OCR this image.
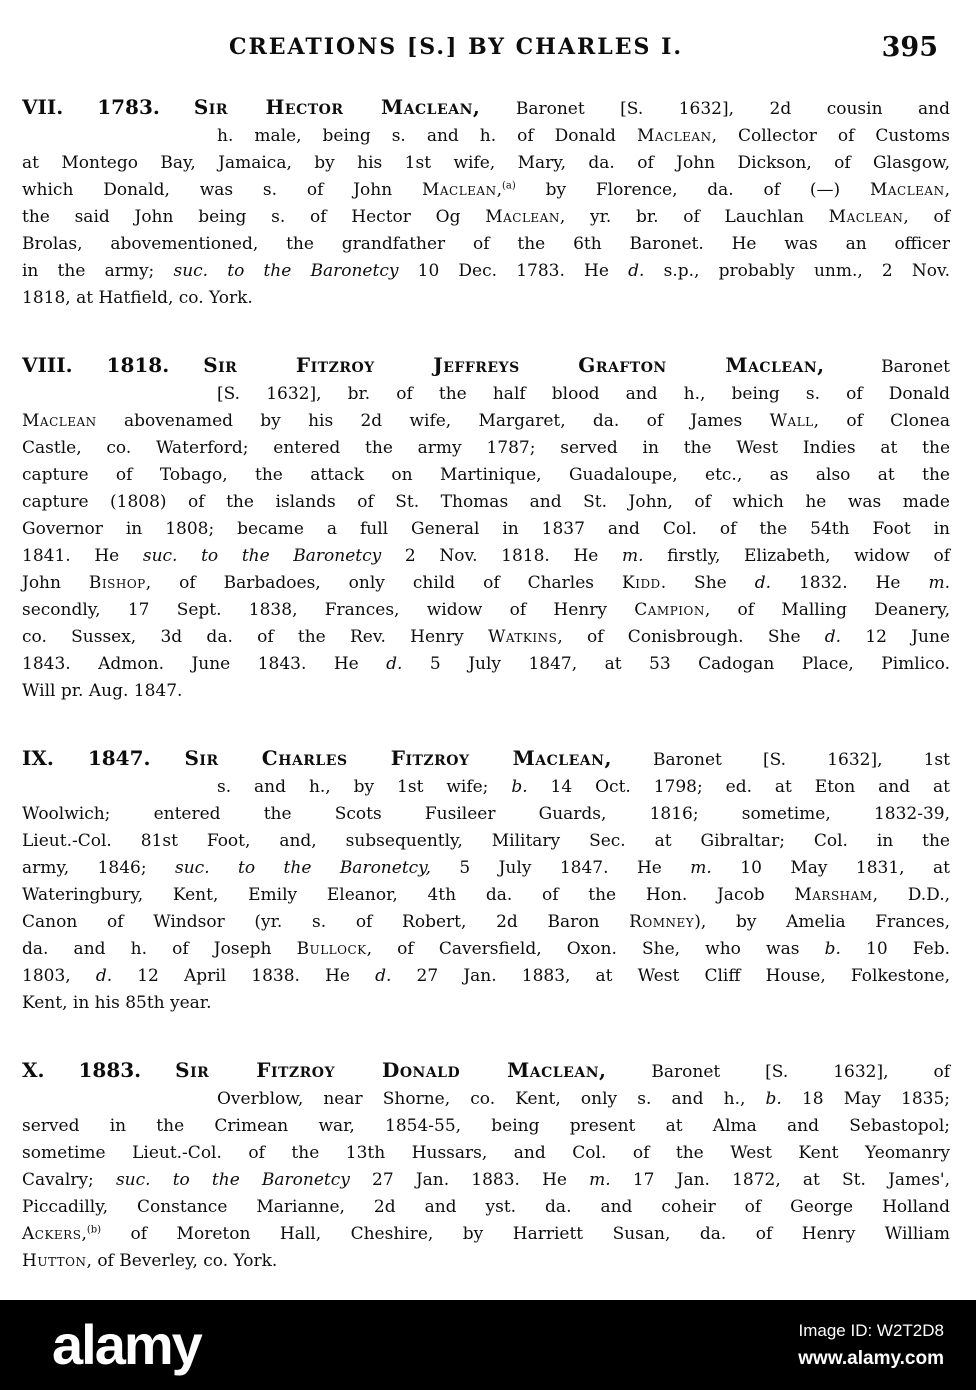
CREATIONS [S.] BY CHARLES I.	395
VII. 1783. Sir Hector Maclean, Baronet [S. 1632], 2d cousin and
h. male, being s. and h. of Donald Maclean, Collector of Customs
at Montego Bay, Jamaica, by his 1st wife, Mary, da. of John Dickson, of Glasgow,
which Donald, was s. of John Maclean,$^{(a)}$ by Florence, da. of (—) Maclean,
the said John being s. of Hector Og Maclean, yr. br. of Lauchlan Maclean, of
Brolas, abovementioned, the grandfather of the 6th Baronet. He was an officer
in the army; suc. to the Baronetcy 10 Dec. 1783. He d. s.p., probably unm., 2 Nov.
1818, at Hatfield, co. York.
VIII. 1818. Sir Fitzroy Jeffreys Grafton Maclean, Baronet
[S. 1632], br. of the half blood and h., being s. of Donald
Maclean abovenamed by his 2d wife, Margaret, da. of James Wall, of Clonea
Castle, co. Waterford; entered the army 1787; served in the West Indies at the
capture of Tobago, the attack on Martinique, Guadaloupe, etc., as also at the
capture (1808) of the islands of St. Thomas and St. John, of which he was made
Governor in 1808; became a full General in 1837 and Col. of the 54th Foot in
1841. He suc. to the Baronetcy 2 Nov. 1818. He m. firstly, Elizabeth, widow of
John Bishop, of Barbadoes, only child of Charles Kidd. She d. 1832. He m.
secondly, 17 Sept. 1838, Frances, widow of Henry Campion, of Malling Deanery,
co. Sussex, 3d da. of the Rev. Henry Watkins, of Conisbrough. She d. 12 June
1843. Admon. June 1843. He d. 5 July 1847, at 53 Cadogan Place, Pimlico.
Will pr. Aug. 1847.
IX. 1847. Sir Charles Fitzroy Maclean, Baronet [S. 1632], 1st
s. and h., by 1st wife; b. 14 Oct. 1798; ed. at Eton and at
Woolwich; entered the Scots Fusileer Guards, 1816; sometime, 1832-39,
Lieut.-Col. 81st Foot, and, subsequently, Military Sec. at Gibraltar; Col. in the
army, 1846; suc. to the Baronetcy, 5 July 1847. He m. 10 May 1831, at
Wateringbury, Kent, Emily Eleanor, 4th da. of the Hon. Jacob Marsham, D.D.,
Canon of Windsor (yr. s. of Robert, 2d Baron Romney), by Amelia Frances,
da. and h. of Joseph Bullock, of Caversfield, Oxon. She, who was b. 10 Feb.
1803, d. 12 April 1838. He d. 27 Jan. 1883, at West Cliff House, Folkestone,
Kent, in his 85th year.
X. 1883. Sir Fitzroy Donald Maclean, Baronet [S. 1632], of
Overblow, near Shorne, co. Kent, only s. and h., b. 18 May 1835;
served in the Crimean war, 1854-55, being present at Alma and Sebastopol;
sometime Lieut.-Col. of the 13th Hussars, and Col. of the West Kent Yeomanry
Cavalry; suc. to the Baronetcy 27 Jan. 1883. He m. 17 Jan. 1872, at St. James',
Piccadilly, Constance Marianne, 2d and yst. da. and coheir of George Holland
Ackers,$^{(b)}$ of Moreton Hall, Cheshire, by Harriett Susan, da. of Henry William
Hutton, of Beverley, co. York.
alamy	Image ID: W2T2D8
www.alamy.com
